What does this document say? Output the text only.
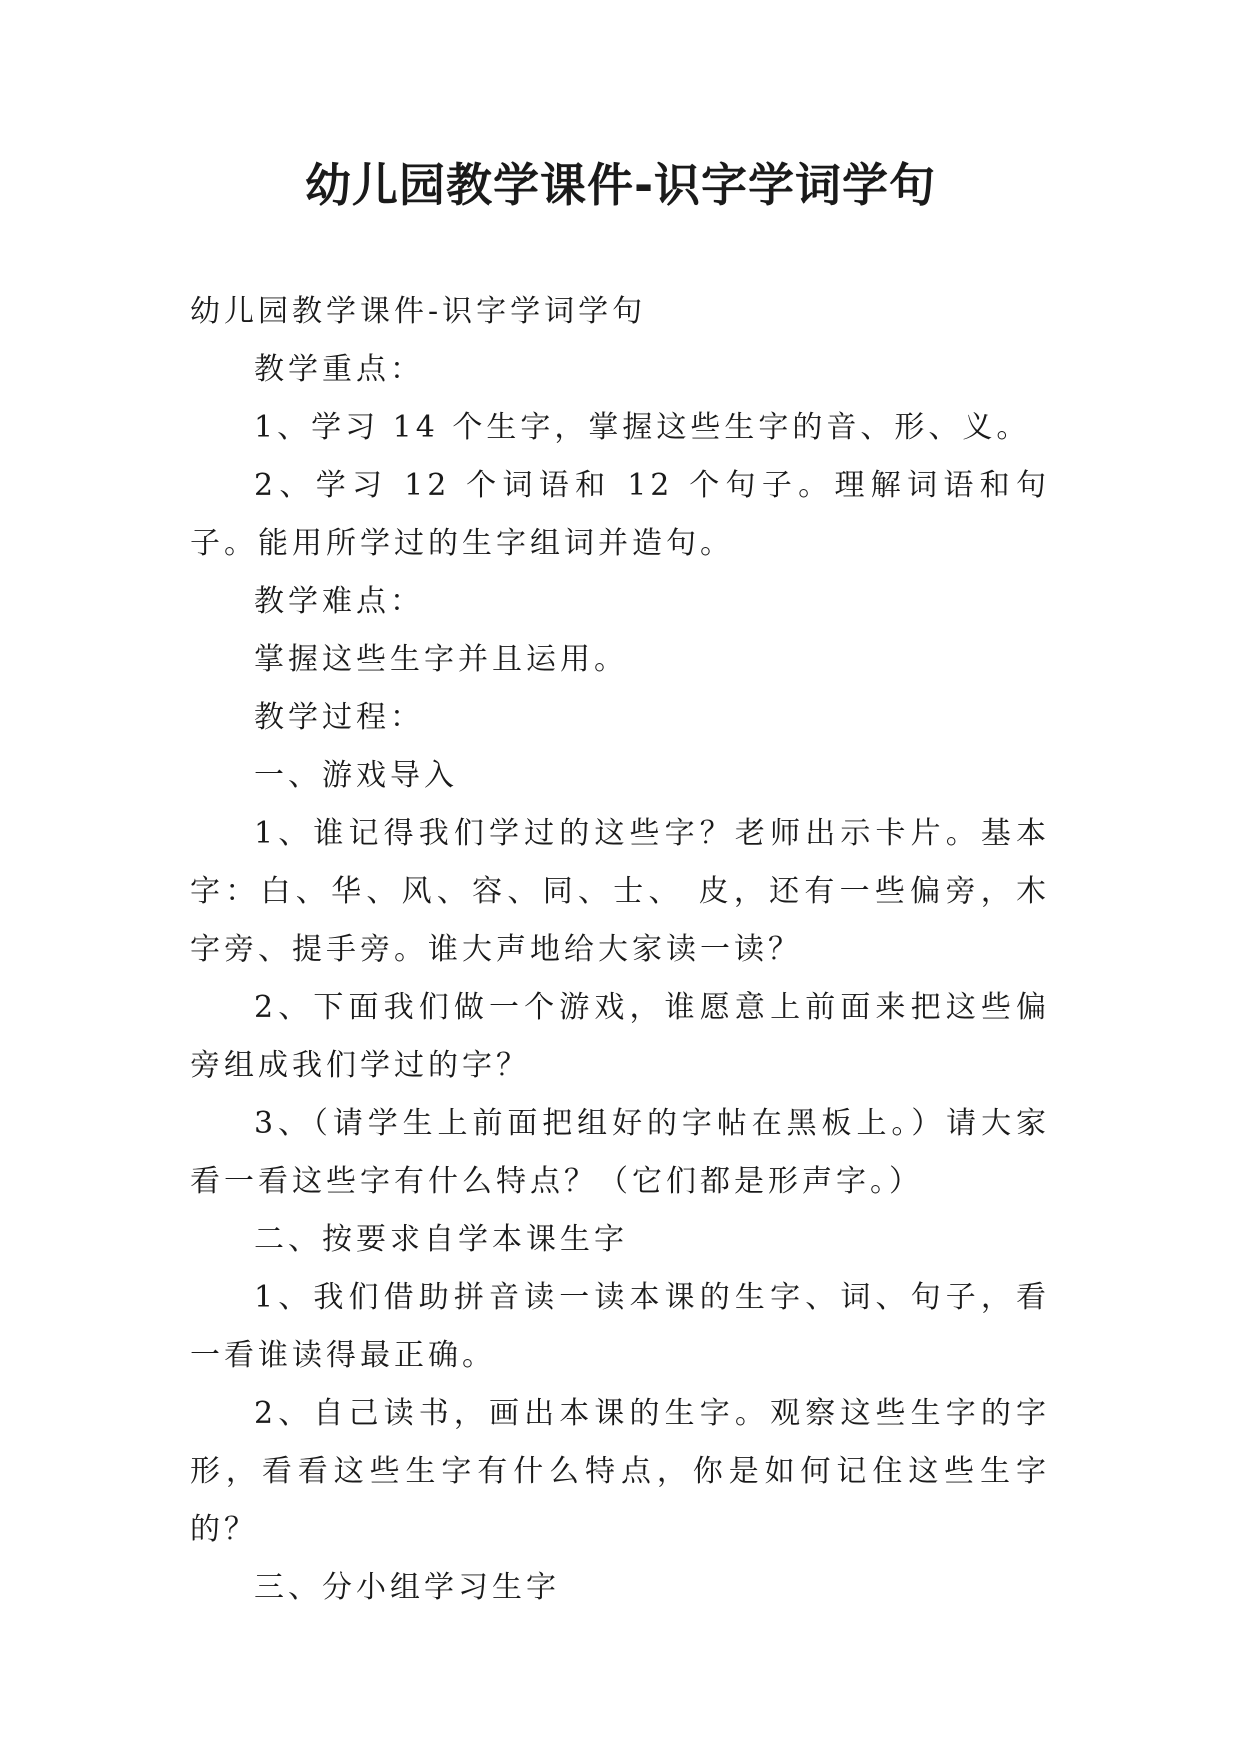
幼儿园教学课件-识字学词学句

幼儿园教学课件-识字学词学句

教学重点：

1、学习 14 个生字，掌握这些生字的音、形、义。

2、学习 12 个词语和 12 个句子。理解词语和句子。能用所学过的生字组词并造句。

教学难点：

掌握这些生字并且运用。

教学过程：

一、游戏导入

1、谁记得我们学过的这些字？老师出示卡片。基本字：白、华、风、容、同、士、 皮，还有一些偏旁，木字旁、提手旁。谁大声地给大家读一读？

2、下面我们做一个游戏，谁愿意上前面来把这些偏旁组成我们学过的字？

3、（请学生上前面把组好的字帖在黑板上。）请大家看一看这些字有什么特点？（它们都是形声字。）

二、按要求自学本课生字

1、我们借助拼音读一读本课的生字、词、句子，看一看谁读得最正确。

2、自己读书，画出本课的生字。观察这些生字的字形，看看这些生字有什么特点，你是如何记住这些生字的？

三、分小组学习生字
